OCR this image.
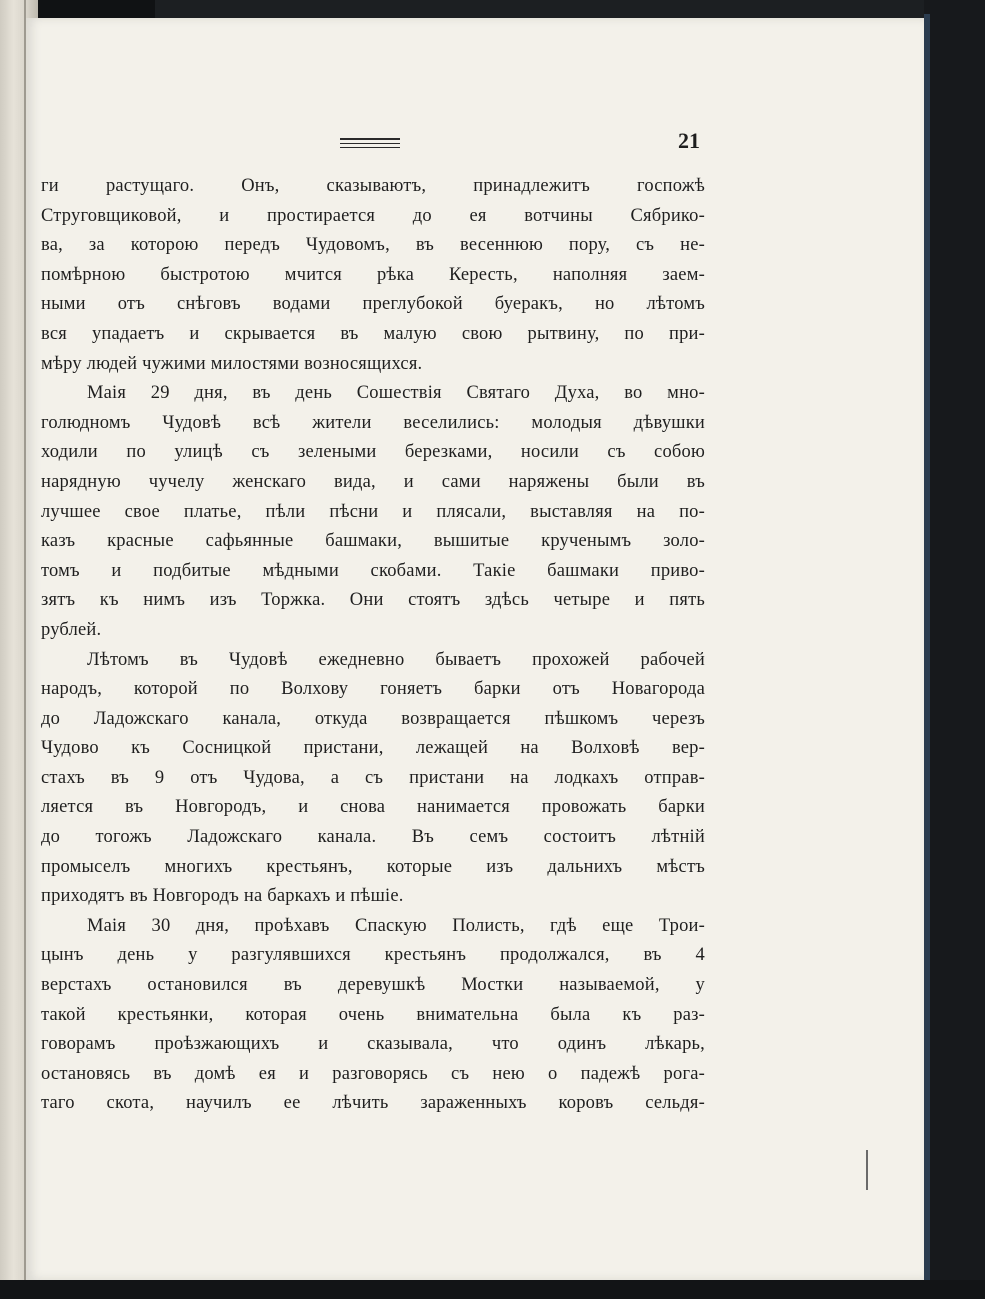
21
ги растущаго. Онъ, сказываютъ, принадлежитъ госпожѣ
Струговщиковой, и простирается до ея вотчины Сябрико-
ва, за которою передъ Чудовомъ, въ весеннюю пору, съ не-
помѣрною быстротою мчится рѣка Кересть, наполняя заем-
ными отъ снѣговъ водами преглубокой буеракъ, но лѣтомъ
вся упадаетъ и скрывается въ малую свою рытвину, по при-
мѣру людей чужими милостями возносящихся.
Маія 29 дня, въ день Сошествія Святаго Духа, во мно-
голюдномъ Чудовѣ всѣ жители веселились: молодыя дѣвушки
ходили по улицѣ съ зелеными березками, носили съ собою
нарядную чучелу женскаго вида, и сами наряжены были въ
лучшее свое платье, пѣли пѣсни и плясали, выставляя на по-
казъ красные сафьянные башмаки, вышитые крученымъ золо-
томъ и подбитые мѣдными скобами. Такіе башмаки приво-
зятъ къ нимъ изъ Торжка. Они стоятъ здѣсь четыре и пять
рублей.
Лѣтомъ въ Чудовѣ ежедневно бываетъ прохожей рабочей
народъ, которой по Волхову гоняетъ барки отъ Новагорода
до Ладожскаго канала, откуда возвращается пѣшкомъ черезъ
Чудово къ Сосницкой пристани, лежащей на Волховѣ вер-
стахъ въ 9 отъ Чудова, а съ пристани на лодкахъ отправ-
ляется въ Новгородъ, и снова нанимается провожать барки
до тогожъ Ладожскаго канала. Въ семъ состоитъ лѣтній
промыселъ многихъ крестьянъ, которые изъ дальнихъ мѣстъ
приходятъ въ Новгородъ на баркахъ и пѣшіе.
Маія 30 дня, проѣхавъ Спаскую Полисть, гдѣ еще Трои-
цынъ день у разгулявшихся крестьянъ продолжался, въ 4
верстахъ остановился въ деревушкѣ Мостки называемой, у
такой крестьянки, которая очень внимательна была къ раз-
говорамъ проѣзжающихъ и сказывала, что одинъ лѣкарь,
остановясь въ домѣ ея и разговорясь съ нею о падежѣ рога-
таго скота, научилъ ее лѣчить зараженныхъ коровъ сельдя-
